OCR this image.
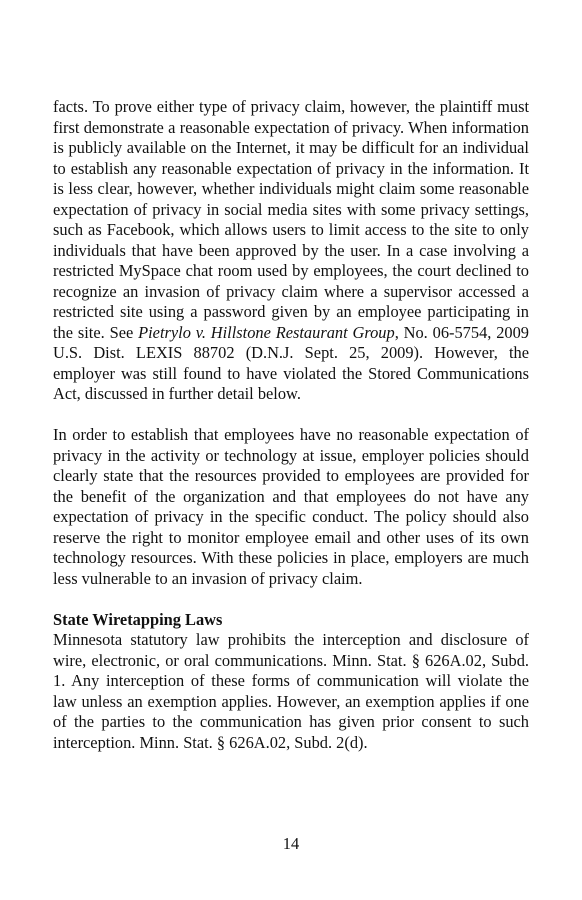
facts. To prove either type of privacy claim, however, the plaintiff must first demonstrate a reasonable expectation of privacy. When information is publicly available on the Internet, it may be difficult for an individual to establish any reasonable expectation of privacy in the information. It is less clear, however, whether individuals might claim some reasonable expectation of privacy in social media sites with some privacy settings, such as Facebook, which allows users to limit access to the site to only individuals that have been approved by the user. In a case involving a restricted MySpace chat room used by employees, the court declined to recognize an invasion of privacy claim where a supervisor accessed a restricted site using a password given by an employee participating in the site. See Pietrylo v. Hillstone Restaurant Group, No. 06-5754, 2009 U.S. Dist. LEXIS 88702 (D.N.J. Sept. 25, 2009). However, the employer was still found to have violated the Stored Communications Act, discussed in further detail below.

In order to establish that employees have no reasonable expectation of privacy in the activity or technology at issue, employer policies should clearly state that the resources provided to employees are provided for the benefit of the organization and that employees do not have any expectation of privacy in the specific conduct. The policy should also reserve the right to monitor employee email and other uses of its own technology resources. With these policies in place, employers are much less vulnerable to an invasion of privacy claim.

State Wiretapping Laws

Minnesota statutory law prohibits the interception and disclosure of wire, electronic, or oral communications. Minn. Stat. § 626A.02, Subd. 1. Any interception of these forms of communication will violate the law unless an exemption applies. However, an exemption applies if one of the parties to the communication has given prior consent to such interception. Minn. Stat. § 626A.02, Subd. 2(d).

14
